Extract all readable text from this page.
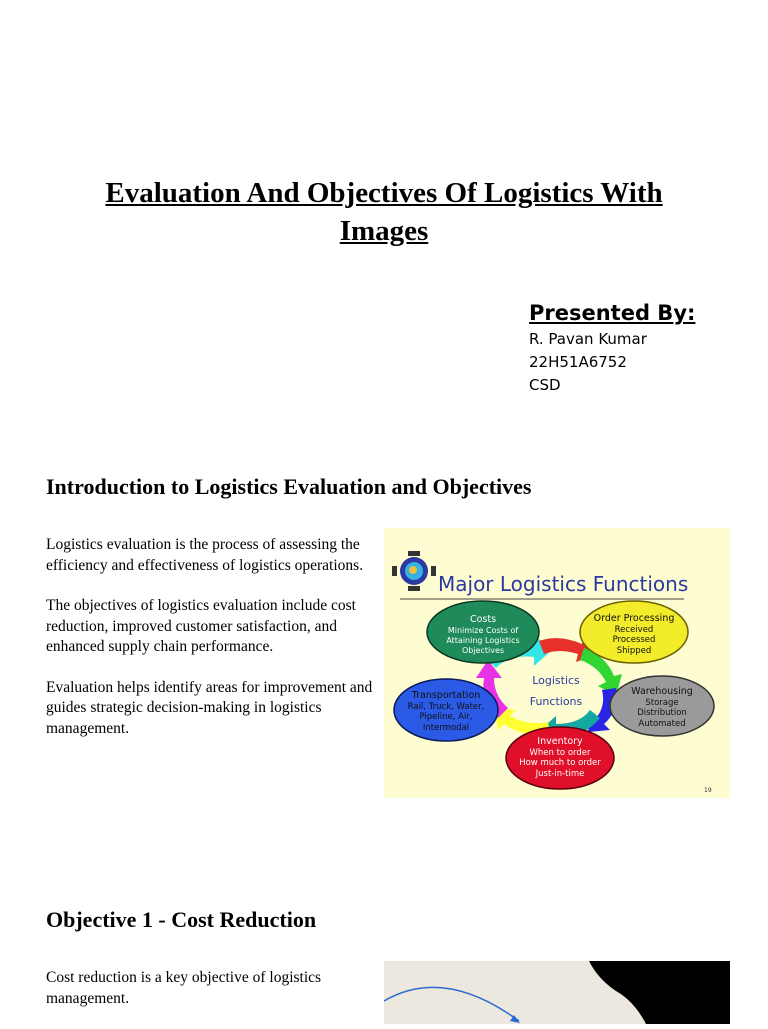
Evaluation And Objectives Of Logistics With Images
Presented By:
R. Pavan Kumar
22H51A6752
CSD
Introduction to Logistics Evaluation and Objectives

Logistics evaluation is the process of assessing the efficiency and effectiveness of logistics operations.

The objectives of logistics evaluation include cost reduction, improved customer satisfaction, and enhanced supply chain performance.

Evaluation helps identify areas for improvement and guides strategic decision-making in logistics management.

Major Logistics Functions
Logistics
Functions
Costs
Minimize Costs of
Attaining Logistics
Objectives
Order Processing
Received
Processed
Shipped
Warehousing
Storage
Distribution
Automated
Inventory
When to order
How much to order
Just-in-time
Transportation
Rail, Truck, Water,
Pipeline, Air,
Intermodal
19
Objective 1 - Cost Reduction

Cost reduction is a key objective of logistics management.
